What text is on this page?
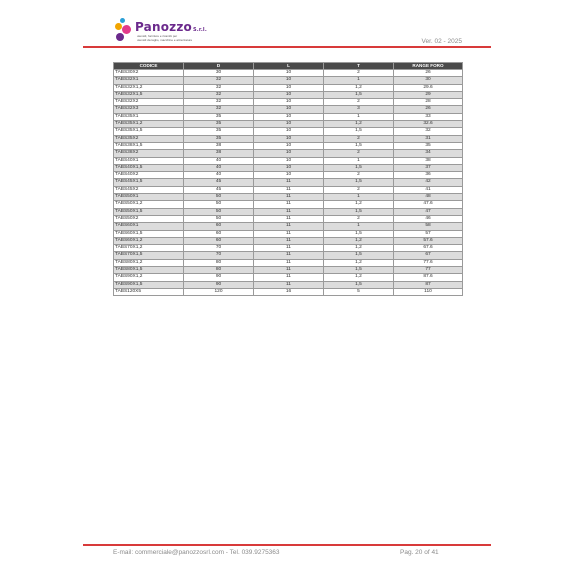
PanozzoS.r.l.
utensili, forniture e ricambi per
utensili da taglio, macchine e attrezzature	Ver. 02 - 2025
CODICE	D	L	T	RANGE FORO
TABS30X2	30	10	2	26
TABS32X1	32	10	1	30
TABS32X1,2	32	10	1,2	29.6
TABS32X1,5	32	10	1,5	29
TABS32X2	32	10	2	28
TABS32X3	32	10	3	26
TABS35X1	35	10	1	33
TABS35X1,2	35	10	1,2	32.6
TABS35X1,5	35	10	1,5	32
TABS35X2	35	10	2	31
TABS38X1,5	38	10	1,5	35
TABS38X2	38	10	2	34
TABS40X1	40	10	1	38
TABS40X1,5	40	10	1,5	37
TABS40X2	40	10	2	36
TABS45X1,5	45	11	1,5	42
TABS45X2	45	11	2	41
TABS50X1	50	11	1	48
TABS50X1,2	50	11	1,2	47.6
TABS50X1,5	50	11	1,5	47
TABS50X2	50	11	2	46
TABS60X1	60	11	1	58
TABS60X1,5	60	11	1,5	57
TABS60X1,2	60	11	1,2	57.6
TABS70X1,2	70	11	1,2	67.6
TABS70X1,5	70	11	1,5	67
TABS80X1,2	80	11	1,2	77.6
TABS80X1,5	80	11	1,5	77
TABS90X1,2	90	11	1,2	87.6
TABS90X1,5	90	11	1,5	87
TABS120X5	120	16	5	110
E-mail: commerciale@panozzosrl.com - Tel. 039.9275363	Pag. 20 of 41
